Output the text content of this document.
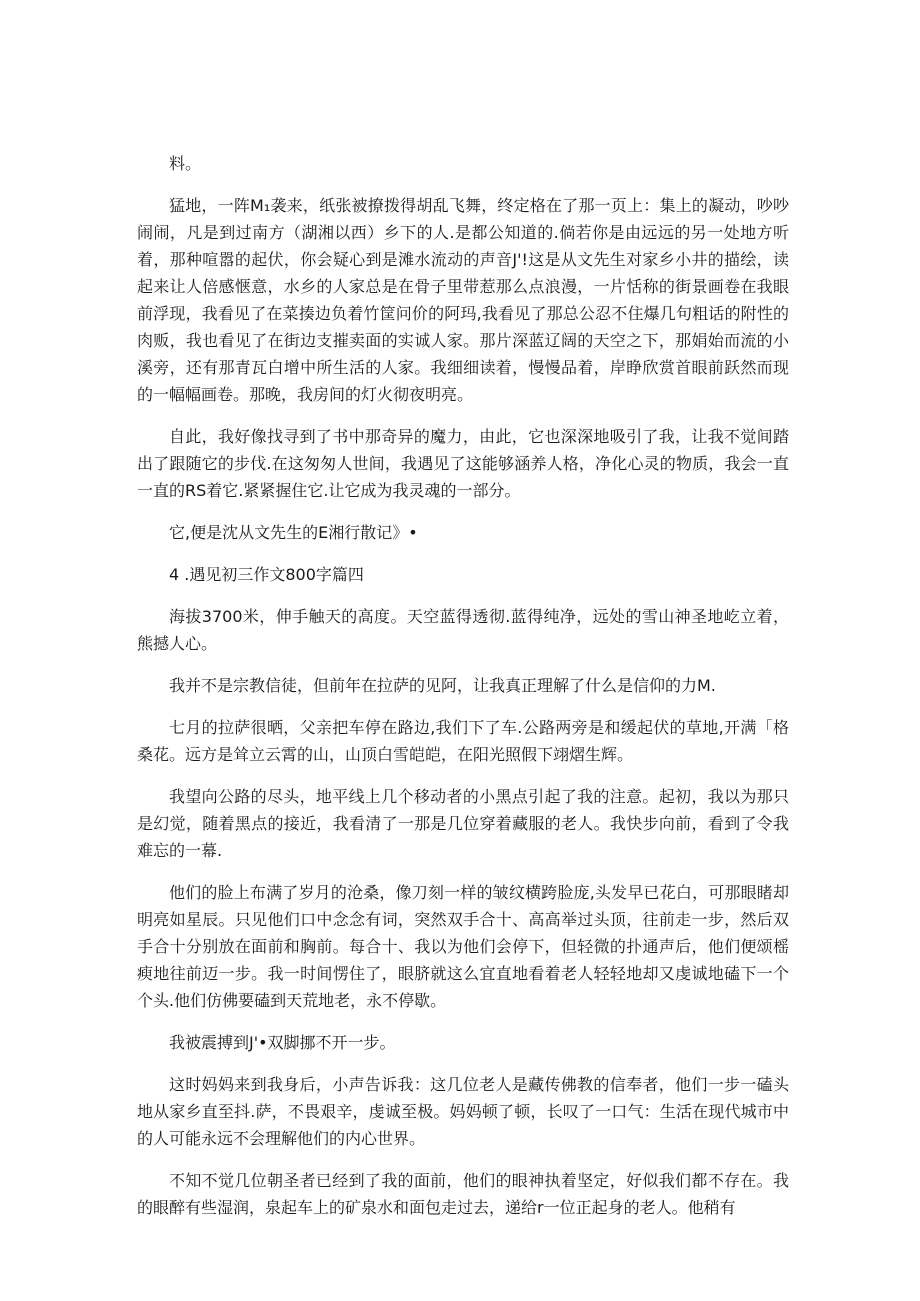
料。

猛地，一阵M₁袭来，纸张被撩拨得胡乱飞舞，终定格在了那一页上：集上的凝动，吵吵闹闹，凡是到过南方（湖湘以西）乡下的人.是都公知道的.倘若你是由远远的另一处地方听着，那种喧嚣的起伏，你会疑心到是滩水流动的声音J'!这是从文先生对家乡小井的描绘，读起来让人倍感惬意，水乡的人家总是在骨子里带惹那么点浪漫，一片恬称的街景画卷在我眼前浮现，我看见了在菜揍边负着竹筐问价的阿玛,我看见了那总公忍不住爆几句粗话的附性的肉贩，我也看见了在街边支摧卖面的实诚人家。那片深蓝辽阔的天空之下，那娟始而流的小溪旁，还有那青瓦白增中所生活的人家。我细细读着，慢慢品着，岸睁欣赏首眼前跃然而现的一幅幅画卷。那晚，我房间的灯火彻夜明亮。

自此，我好像找寻到了书中那奇异的魔力，由此，它也深深地吸引了我，让我不觉间踏出了跟随它的步伐.在这匆匆人世间，我遇见了这能够涵养人格，净化心灵的物质，我会一直一直的RS着它.紧紧握住它.让它成为我灵魂的一部分。

它,便是沈从文先生的E湘行散记》•

4 .遇见初三作文800字篇四

海拔3700米，伸手触天的高度。天空蓝得透彻.蓝得纯净，远处的雪山神圣地屹立着，熊撼人心。

我并不是宗教信徒，但前年在拉萨的见阿，让我真正理解了什么是信仰的力M.

七月的拉萨很晒，父亲把车停在路边,我们下了车.公路两旁是和缓起伏的草地,开满「格桑花。远方是耸立云霄的山，山顶白雪皑皑，在阳光照假下翊熠生辉。

我望向公路的尽头，地平线上几个移动者的小黑点引起了我的注意。起初，我以为那只是幻觉，随着黑点的接近，我看清了一那是几位穿着藏服的老人。我快步向前，看到了令我难忘的一幕.

他们的脸上布满了岁月的沧桑，像刀刻一样的皱纹横跨脸庞,头发早已花白，可那眼睹却明亮如星辰。只见他们口中念念有词，突然双手合十、高高举过头顶，往前走一步，然后双手合十分别放在面前和胸前。每合十、我以为他们会停下，但轻微的扑通声后，他们便颂榣瘐地往前迈一步。我一时间愣住了，眼脐就这么宜直地看着老人轻轻地却又虔诚地磕下一个个头.他们仿佛要磕到天荒地老，永不停歇。

我被震搏到J'•双脚挪不开一步。

这时妈妈来到我身后，小声告诉我：这几位老人是藏传佛教的信奉者，他们一步一磕头地从家乡直至抖.萨，不畏艰辛，虔诚至极。妈妈顿了顿，长叹了一口气：生活在现代城市中的人可能永远不会理解他们的内心世界。

不知不觉几位朝圣者已经到了我的面前，他们的眼神执着坚定，好似我们都不存在。我的眼醉有些湿润，泉起车上的矿泉水和面包走过去，递给r一位正起身的老人。他稍有
